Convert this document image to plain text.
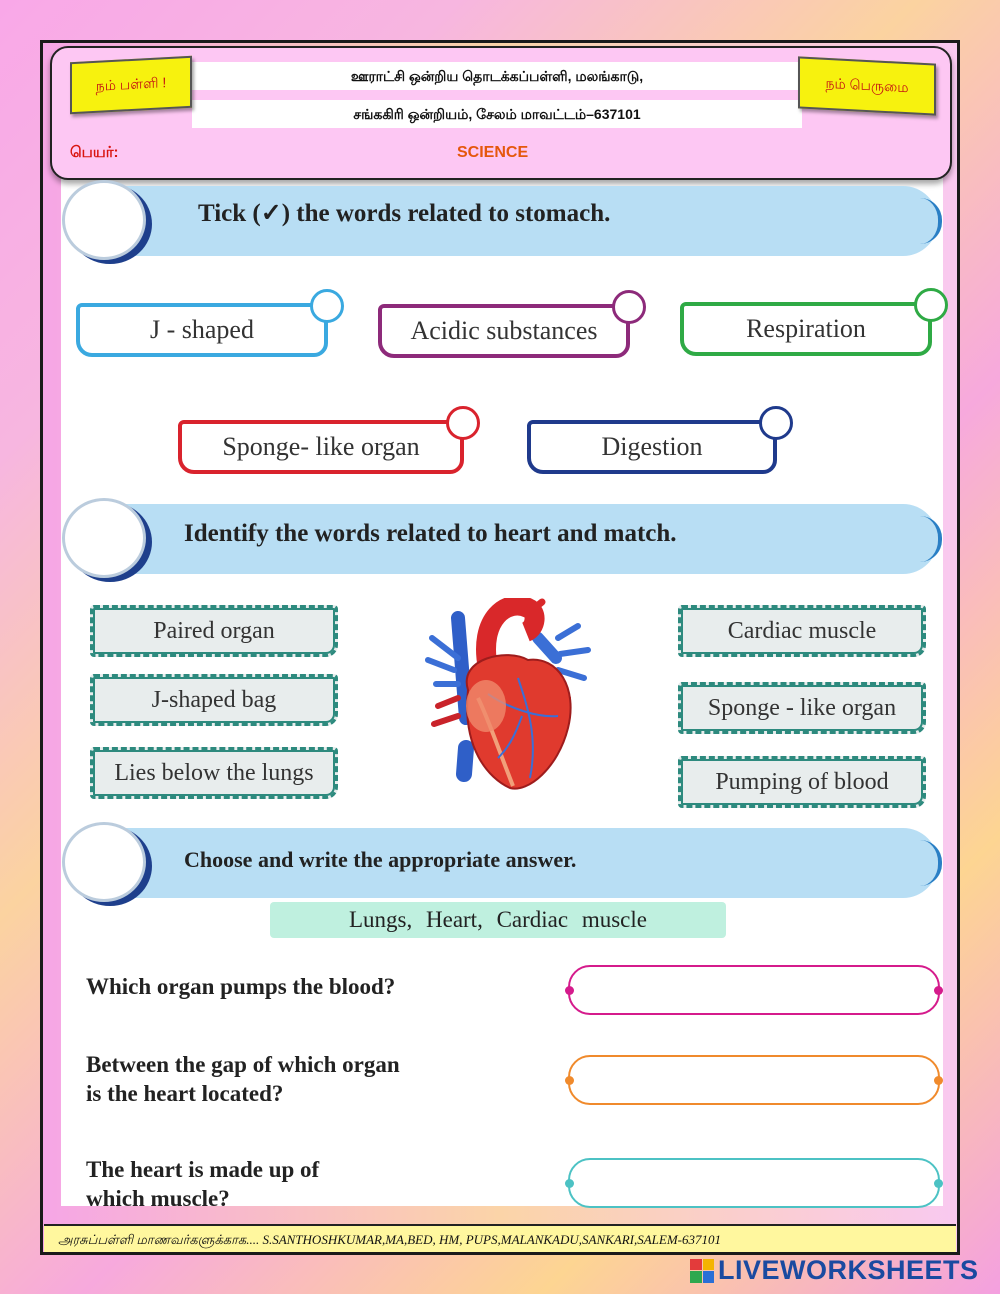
ஊராட்சி ஒன்றிய தொடக்கப்பள்ளி, மலங்காடு,
சங்ககிரி ஒன்றியம், சேலம் மாவட்டம்–637101
நம் பள்ளி !	நம் பெருமை
பெயர்:	SCIENCE
Tick (✓) the words related to stomach.
J - shaped	Acidic substances	Respiration
Sponge- like organ	Digestion
Identify the words related to heart and match.
Paired organ
J-shaped bag
Lies below the lungs
Cardiac muscle
Sponge - like organ
Pumping of blood
Choose and write the appropriate answer.
Lungs, Heart, Cardiac muscle
Which organ pumps the blood?
Between the gap of which organ
is the heart located?
The heart is made up of
which muscle?
அரசுப்பள்ளி மாணவர்களுக்காக.... S.SANTHOSHKUMAR,MA,BED, HM, PUPS,MALANKADU,SANKARI,SALEM-637101
LIVEWORKSHEETS
